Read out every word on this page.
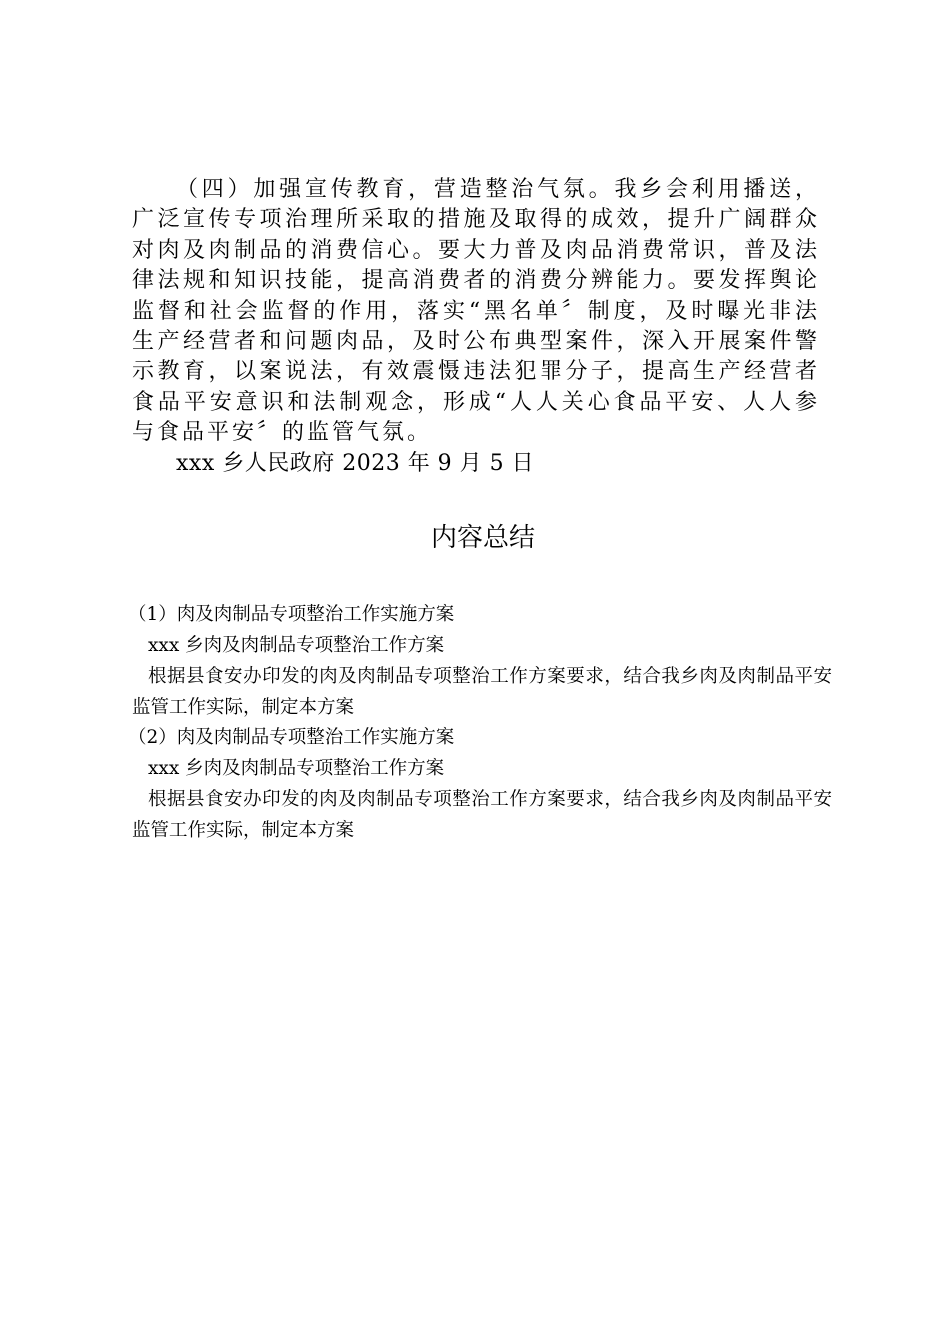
（四）加强宣传教育，营造整治气氛。我乡会利用播送，广泛宣传专项治理所采取的措施及取得的成效，提升广阔群众对肉及肉制品的消费信心。要大力普及肉品消费常识，普及法律法规和知识技能，提高消费者的消费分辨能力。要发挥舆论监督和社会监督的作用，落实“黑名单〞制度，及时曝光非法生产经营者和问题肉品，及时公布典型案件，深入开展案件警示教育，以案说法，有效震慑违法犯罪分子，提高生产经营者食品平安意识和法制观念，形成“人人关心食品平安、人人参与食品平安〞的监管气氛。

xxx 乡人民政府 2023 年 9 月 5 日

内容总结
（1）肉及肉制品专项整治工作实施方案
xxx 乡肉及肉制品专项整治工作方案
根据县食安办印发的肉及肉制品专项整治工作方案要求，结合我乡肉及肉制品平安监管工作实际，制定本方案
（2）肉及肉制品专项整治工作实施方案
xxx 乡肉及肉制品专项整治工作方案
根据县食安办印发的肉及肉制品专项整治工作方案要求，结合我乡肉及肉制品平安监管工作实际，制定本方案
